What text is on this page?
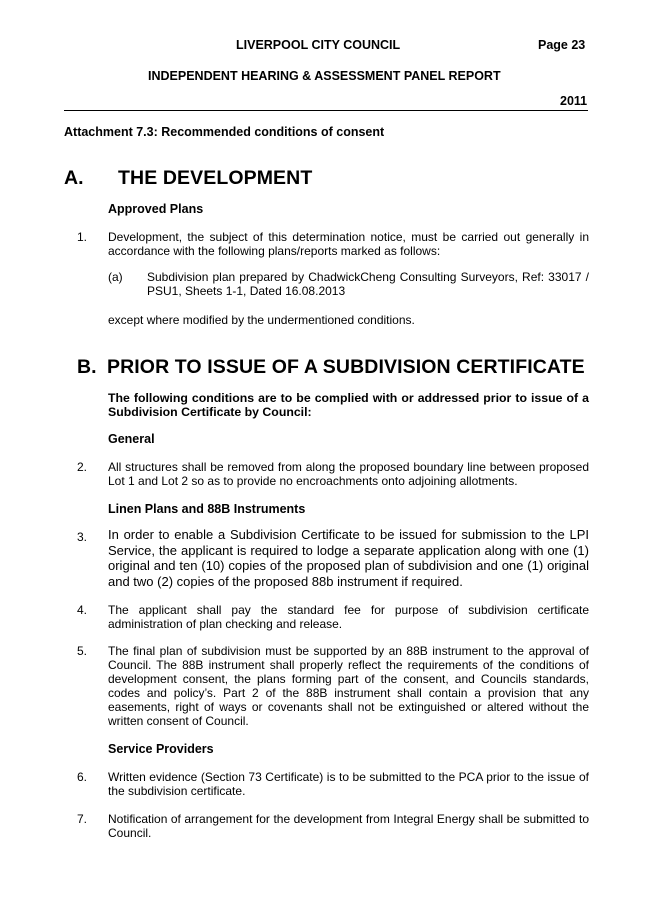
LIVERPOOL CITY COUNCIL	Page 23
INDEPENDENT HEARING & ASSESSMENT PANEL REPORT
2011
Attachment 7.3: Recommended conditions of consent
A. THE DEVELOPMENT
Approved Plans
1. Development, the subject of this determination notice, must be carried out generally in accordance with the following plans/reports marked as follows:
(a) Subdivision plan prepared by ChadwickCheng Consulting Surveyors, Ref: 33017 / PSU1, Sheets 1-1, Dated 16.08.2013
except where modified by the undermentioned conditions.
B. PRIOR TO ISSUE OF A SUBDIVISION CERTIFICATE
The following conditions are to be complied with or addressed prior to issue of a Subdivision Certificate by Council:
General
2. All structures shall be removed from along the proposed boundary line between proposed Lot 1 and Lot 2 so as to provide no encroachments onto adjoining allotments.
Linen Plans and 88B Instruments
3. In order to enable a Subdivision Certificate to be issued for submission to the LPI Service, the applicant is required to lodge a separate application along with one (1) original and ten (10) copies of the proposed plan of subdivision and one (1) original and two (2) copies of the proposed 88b instrument if required.
4. The applicant shall pay the standard fee for purpose of subdivision certificate administration of plan checking and release.
5. The final plan of subdivision must be supported by an 88B instrument to the approval of Council. The 88B instrument shall properly reflect the requirements of the conditions of development consent, the plans forming part of the consent, and Councils standards, codes and policy’s. Part 2 of the 88B instrument shall contain a provision that any easements, right of ways or covenants shall not be extinguished or altered without the written consent of Council.
Service Providers
6. Written evidence (Section 73 Certificate) is to be submitted to the PCA prior to the issue of the subdivision certificate.
7. Notification of arrangement for the development from Integral Energy shall be submitted to Council.
